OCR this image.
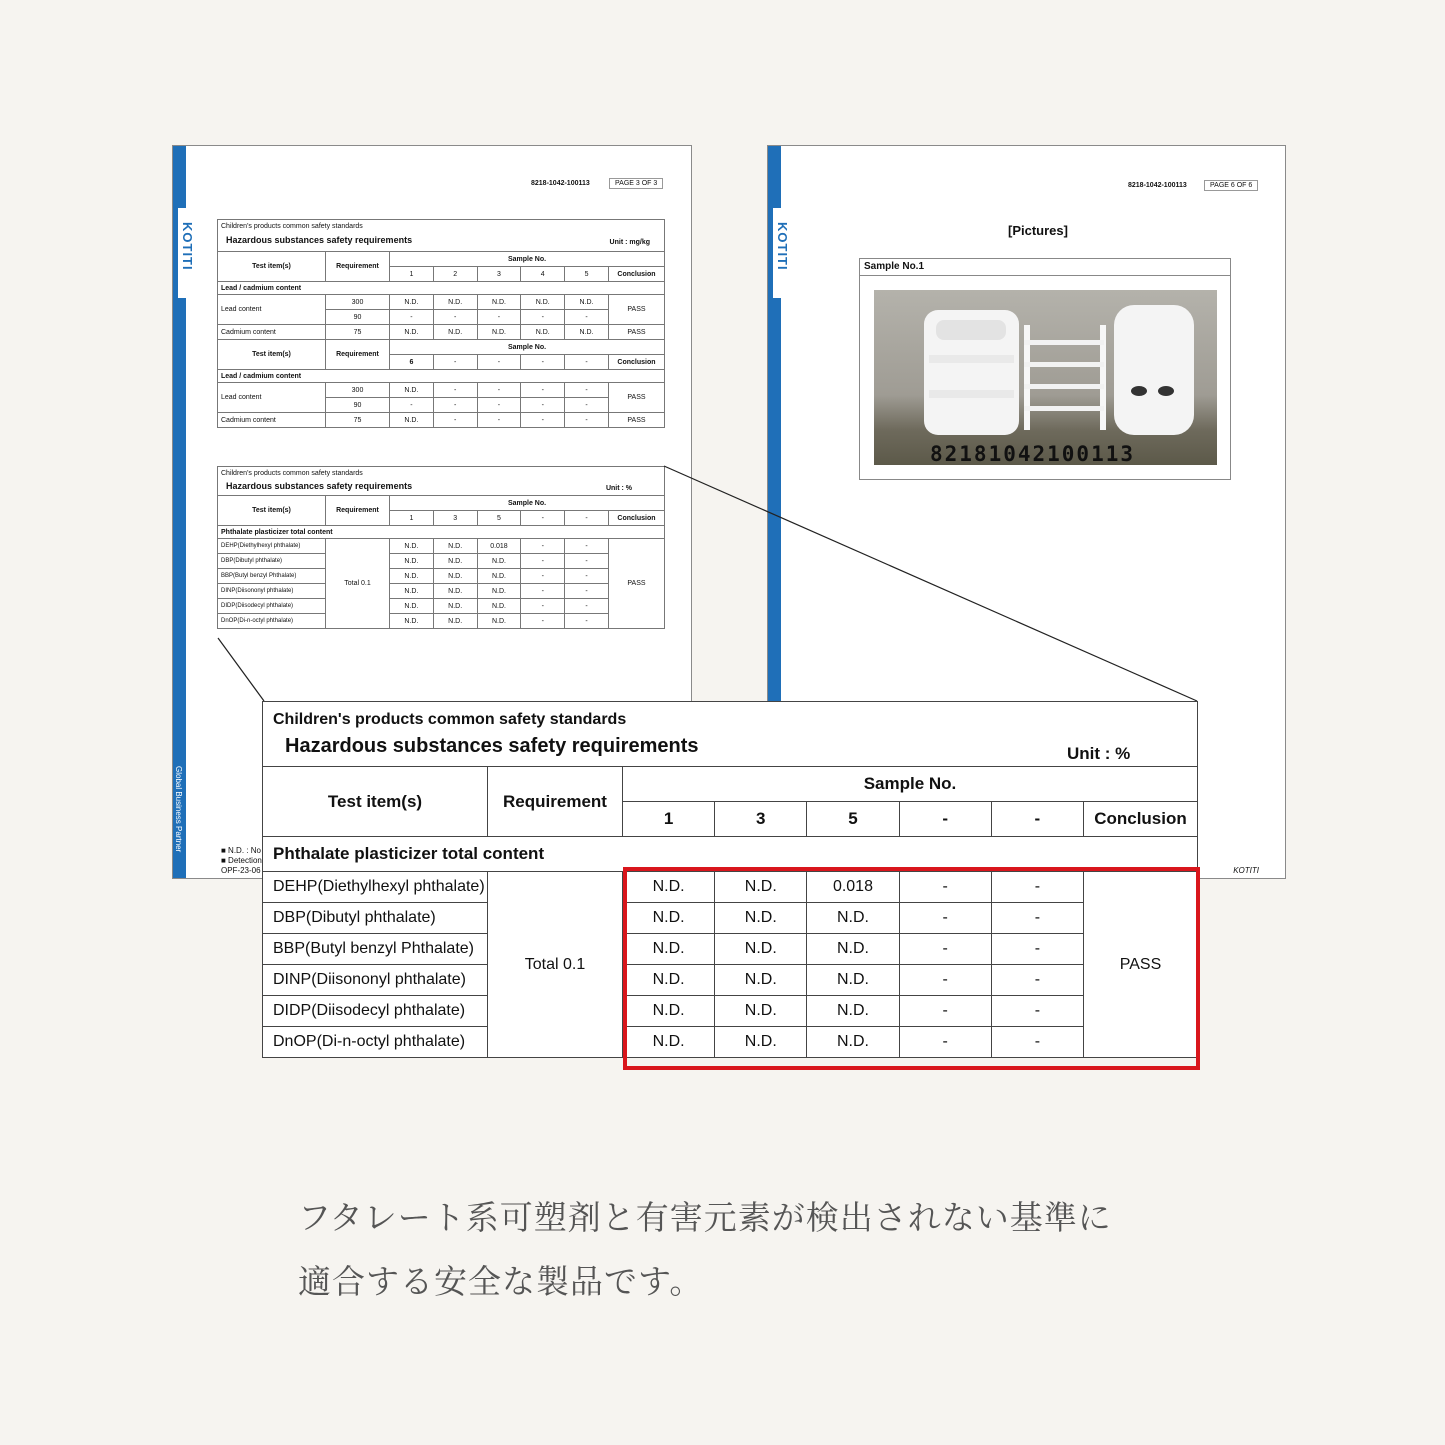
Global Business Partner
KOTITI
8218-1042-100113	PAGE 3 OF 3
Children's products common safety standards
Hazardous substances safety requirements	Unit : mg/kg
Test item(s)	Requirement	Sample No.					
		1	2	3	4	5	Conclusion
Lead / cadmium content							
Lead content	300	N.D.	N.D.	N.D.	N.D.	N.D.	PASS
	90	-	-	-	-	-	
Cadmium content	75	N.D.	N.D.	N.D.	N.D.	N.D.	PASS
Test item(s)	Requirement	Sample No.					
		6	-	-	-	-	Conclusion
Lead / cadmium content							
Lead content	300	N.D.	-	-	-	-	PASS
	90	-	-	-	-	-	
Cadmium content	75	N.D.	-	-	-	-	PASS
Children's products common safety standards
Hazardous substances safety requirements	Unit : %
Test item(s)	Requirement	Sample No.					
		1	3	5	-	-	Conclusion
Phthalate plasticizer total content							
DEHP(Diethylhexyl phthalate)	Total 0.1	N.D.	N.D.	0.018	-	-	PASS
DBP(Dibutyl phthalate)		N.D.	N.D.	N.D.	-	-	
BBP(Butyl benzyl Phthalate)		N.D.	N.D.	N.D.	-	-	
DINP(Diisononyl phthalate)		N.D.	N.D.	N.D.	-	-	
DIDP(Diisodecyl phthalate)		N.D.	N.D.	N.D.	-	-	
DnOP(Di-n-octyl phthalate)		N.D.	N.D.	N.D.	-	-	
■ N.D. : No
■ Detection
OPF-23-06
KOTITI
8218-1042-100113	PAGE 6 OF 6
[Pictures]
Sample No.1
82181042100113
KOTITI
Children's products common safety standards
Hazardous substances safety requirements	Unit : %
Test item(s)	Requirement	Sample No.					
		1	3	5	-	-	Conclusion
Phthalate plasticizer total content							
DEHP(Diethylhexyl phthalate)	Total 0.1	N.D.	N.D.	0.018	-	-	PASS
DBP(Dibutyl phthalate)		N.D.	N.D.	N.D.	-	-	
BBP(Butyl benzyl Phthalate)		N.D.	N.D.	N.D.	-	-	
DINP(Diisononyl phthalate)		N.D.	N.D.	N.D.	-	-	
DIDP(Diisodecyl phthalate)		N.D.	N.D.	N.D.	-	-	
DnOP(Di-n-octyl phthalate)		N.D.	N.D.	N.D.	-	-	
フタレート系可塑剤と有害元素が検出されない基準に
適合する安全な製品です。
